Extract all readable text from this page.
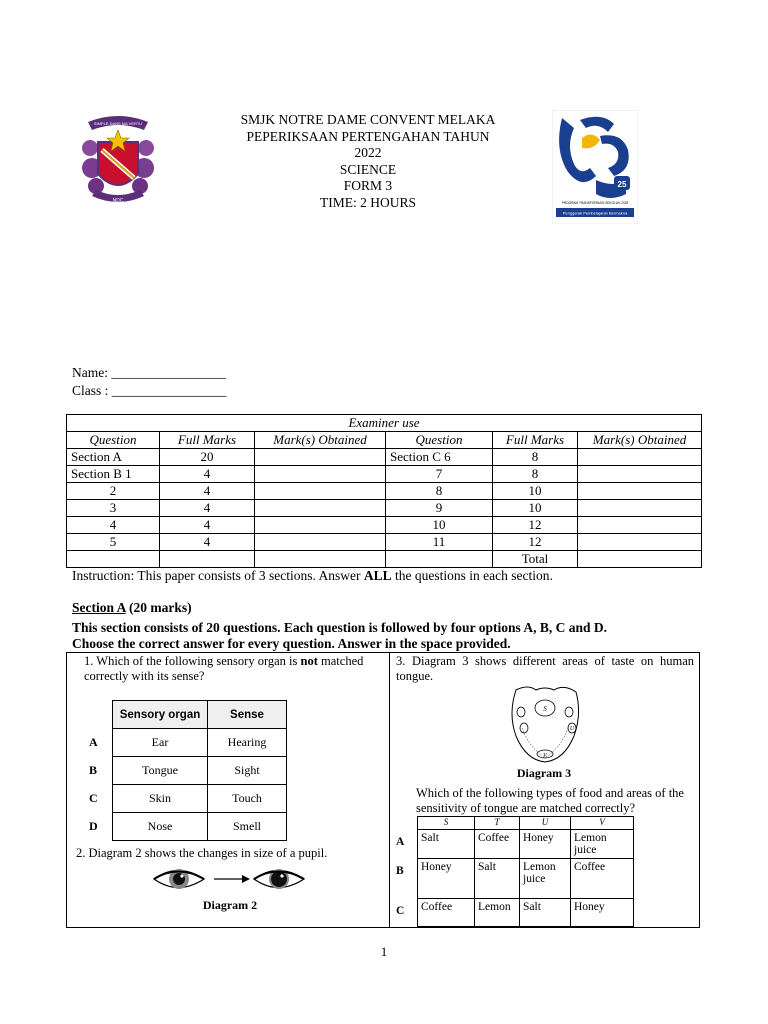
SIMPLE DANS MA VERTU
NDC
25
PROGRAM TRANSFORMASI SEKOLAH 2025
Penggerak Pembelajaran Bermakna
SMJK NOTRE DAME CONVENT MELAKA
PEPERIKSAAN PERTENGAHAN TAHUN
2022
SCIENCE
FORM 3
TIME: 2 HOURS
Name: _________________
Class : _________________
Examiner use					
Question	Full Marks	Mark(s) Obtained	Question	Full Marks	Mark(s) Obtained
Section A	20		Section C 6	8	
Section B 1	4		7	8	
2	4		8	10	
3	4		9	10	
4	4		10	12	
5	4		11	12	
				Total	
Instruction: This paper consists of 3 sections. Answer ALL the questions in each section.
Section A (20 marks)
This section consists of 20 questions. Each question is followed by four options A, B, C and D.
Choose the correct answer for every question. Answer in the space provided.
1. Which of the following sensory organ is not matched correctly with its sense?
	Sensory organ	Sense
A	Ear	Hearing
B	Tongue	Sight
C	Skin	Touch
D	Nose	Smell
2. Diagram 2 shows the changes in size of a pupil.
Diagram 2
3. Diagram 3 shows different areas of taste on human tongue.
S
U
V
Diagram 3
Which of the following types of food and areas of the sensitivity of tongue are matched correctly?
	S	T	U	V
A	Salt	Coffee	Honey	Lemon juice
B	Honey	Salt	Lemon juice	Coffee
C	Coffee	Lemon	Salt	Honey
1
